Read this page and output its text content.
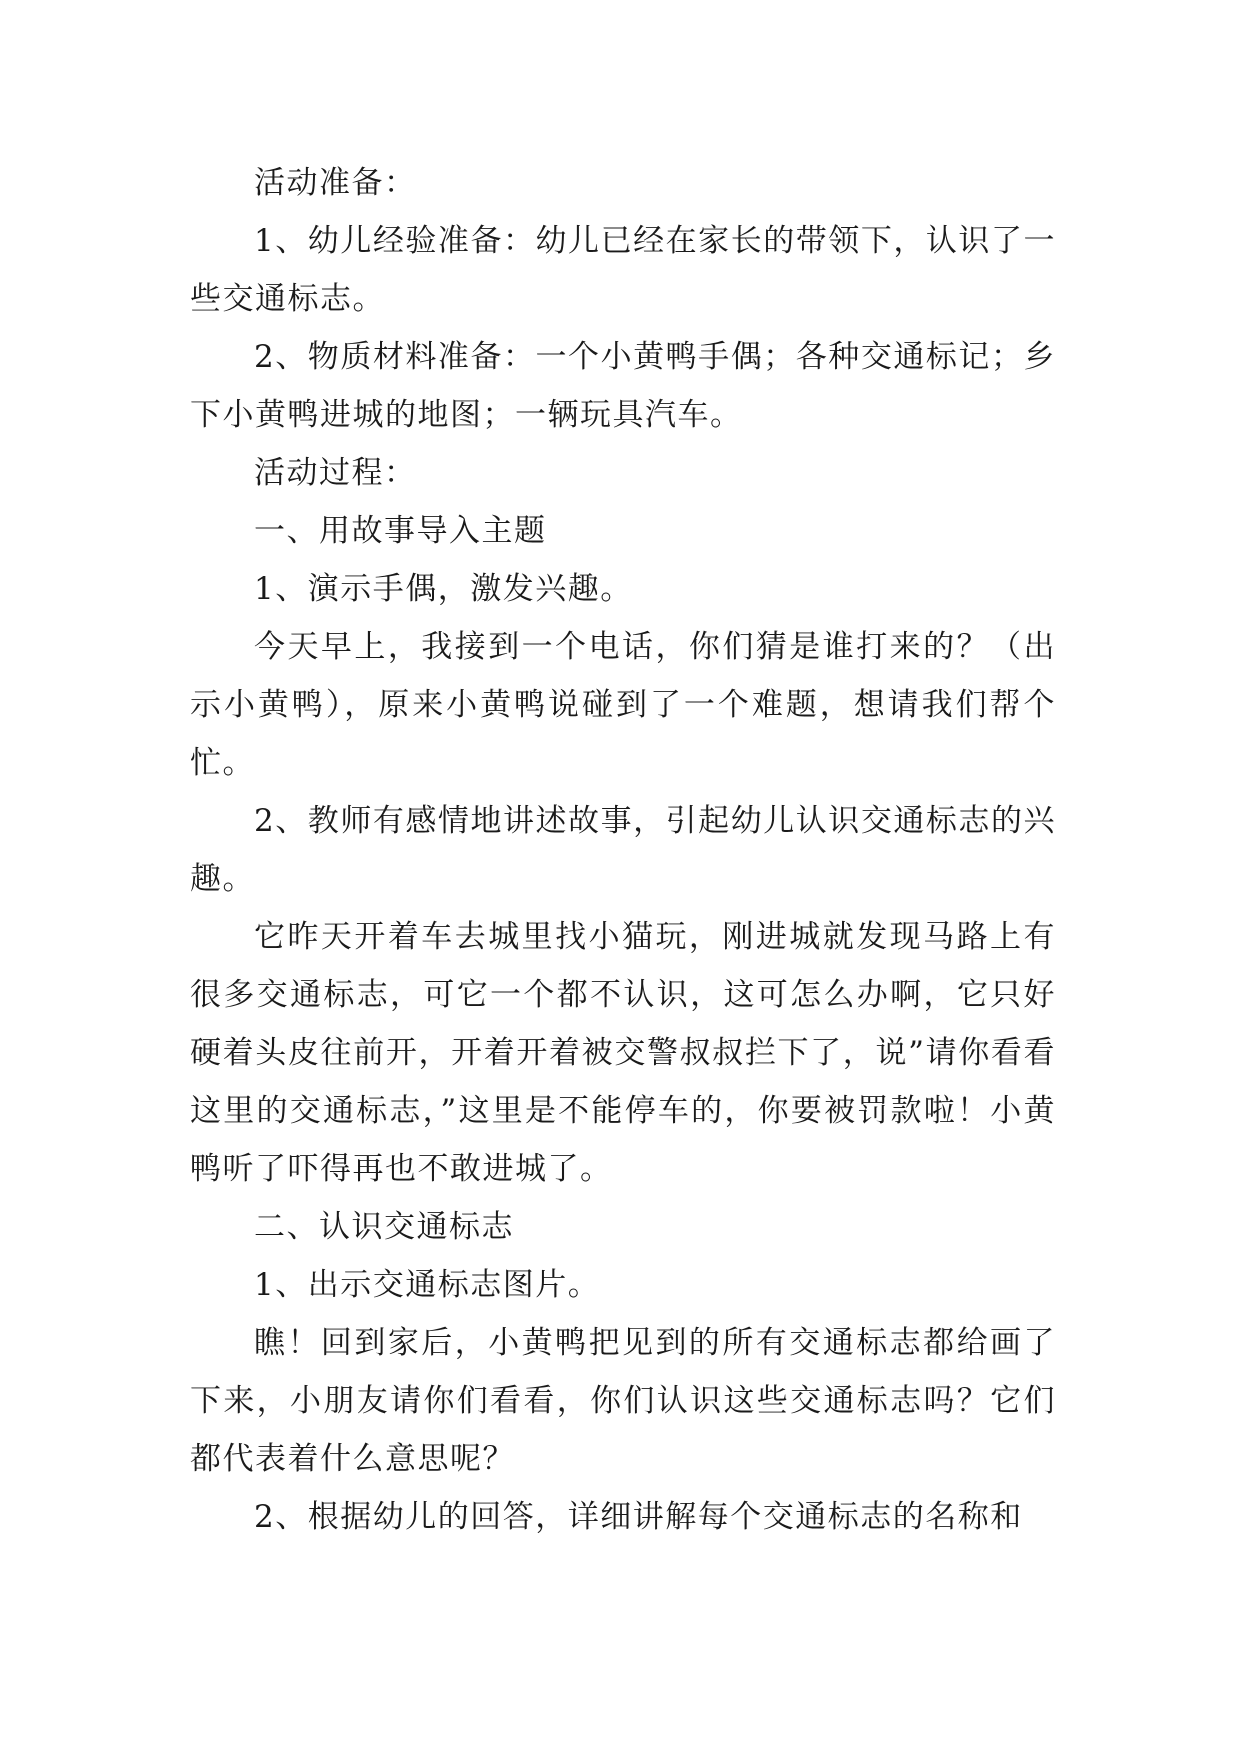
活动准备：

1、幼儿经验准备：幼儿已经在家长的带领下，认识了一些交通标志。

2、物质材料准备：一个小黄鸭手偶；各种交通标记；乡下小黄鸭进城的地图；一辆玩具汽车。

活动过程：

一、用故事导入主题

1、演示手偶，激发兴趣。

今天早上，我接到一个电话，你们猜是谁打来的？（出示小黄鸭），原来小黄鸭说碰到了一个难题，想请我们帮个忙。

2、教师有感情地讲述故事，引起幼儿认识交通标志的兴趣。

它昨天开着车去城里找小猫玩，刚进城就发现马路上有很多交通标志，可它一个都不认识，这可怎么办啊，它只好硬着头皮往前开，开着开着被交警叔叔拦下了，说”请你看看这里的交通标志，”这里是不能停车的，你要被罚款啦！小黄鸭听了吓得再也不敢进城了。

二、认识交通标志

1、出示交通标志图片。

瞧！回到家后，小黄鸭把见到的所有交通标志都给画了下来，小朋友请你们看看，你们认识这些交通标志吗？它们都代表着什么意思呢？

2、根据幼儿的回答，详细讲解每个交通标志的名称和
